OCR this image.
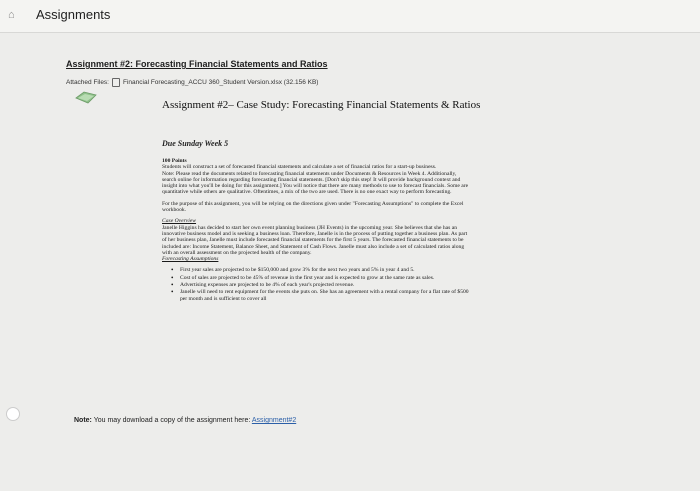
⌂	Assignments
Assignment #2: Forecasting Financial Statements and Ratios
Attached Files: Financial Forecasting_ACCU 360_Student Version.xlsx (32.156 KB)
Assignment #2– Case Study: Forecasting Financial Statements & Ratios
Due Sunday Week 5

100 Points
Students will construct a set of forecasted financial statements and calculate a set of financial ratios for a start-up business.
Note: Please read the documents related to forecasting financial statements under Documents & Resources in Week 4. Additionally, search online for information regarding forecasting financial statements. [Don't skip this step! It will provide background context and insight into what you'll be doing for this assignment.] You will notice that there are many methods to use to forecast financials. Some are quantitative while others are qualitative. Oftentimes, a mix of the two are used. There is no one exact way to perform forecasting.

For the purpose of this assignment, you will be relying on the directions given under "Forecasting Assumptions" to complete the Excel workbook.

Case Overview
Janelle Higgins has decided to start her own event planning business (JH Events) in the upcoming year. She believes that she has an innovative business model and is seeking a business loan. Therefore, Janelle is in the process of putting together a business plan. As part of her business plan, Janelle must include forecasted financial statements for the first 5 years. The forecasted financial statements to be included are: Income Statement, Balance Sheet, and Statement of Cash Flows. Janelle must also include a set of calculated ratios along with an overall assessment on the projected health of the company.
Forecasting Assumptions

• First year sales are projected to be $150,000 and grow 3% for the next two years and 5% in year 4 and 5.
• Cost of sales are projected to be 45% of revenue in the first year and is expected to grow at the same rate as sales.
• Advertising expenses are projected to be 4% of each year's projected revenue.
• Janelle will need to rent equipment for the events she puts on. She has an agreement with a rental company for a flat rate of $500 per month and is sufficient to cover all
Note: You may download a copy of the assignment here: Assignment#2
